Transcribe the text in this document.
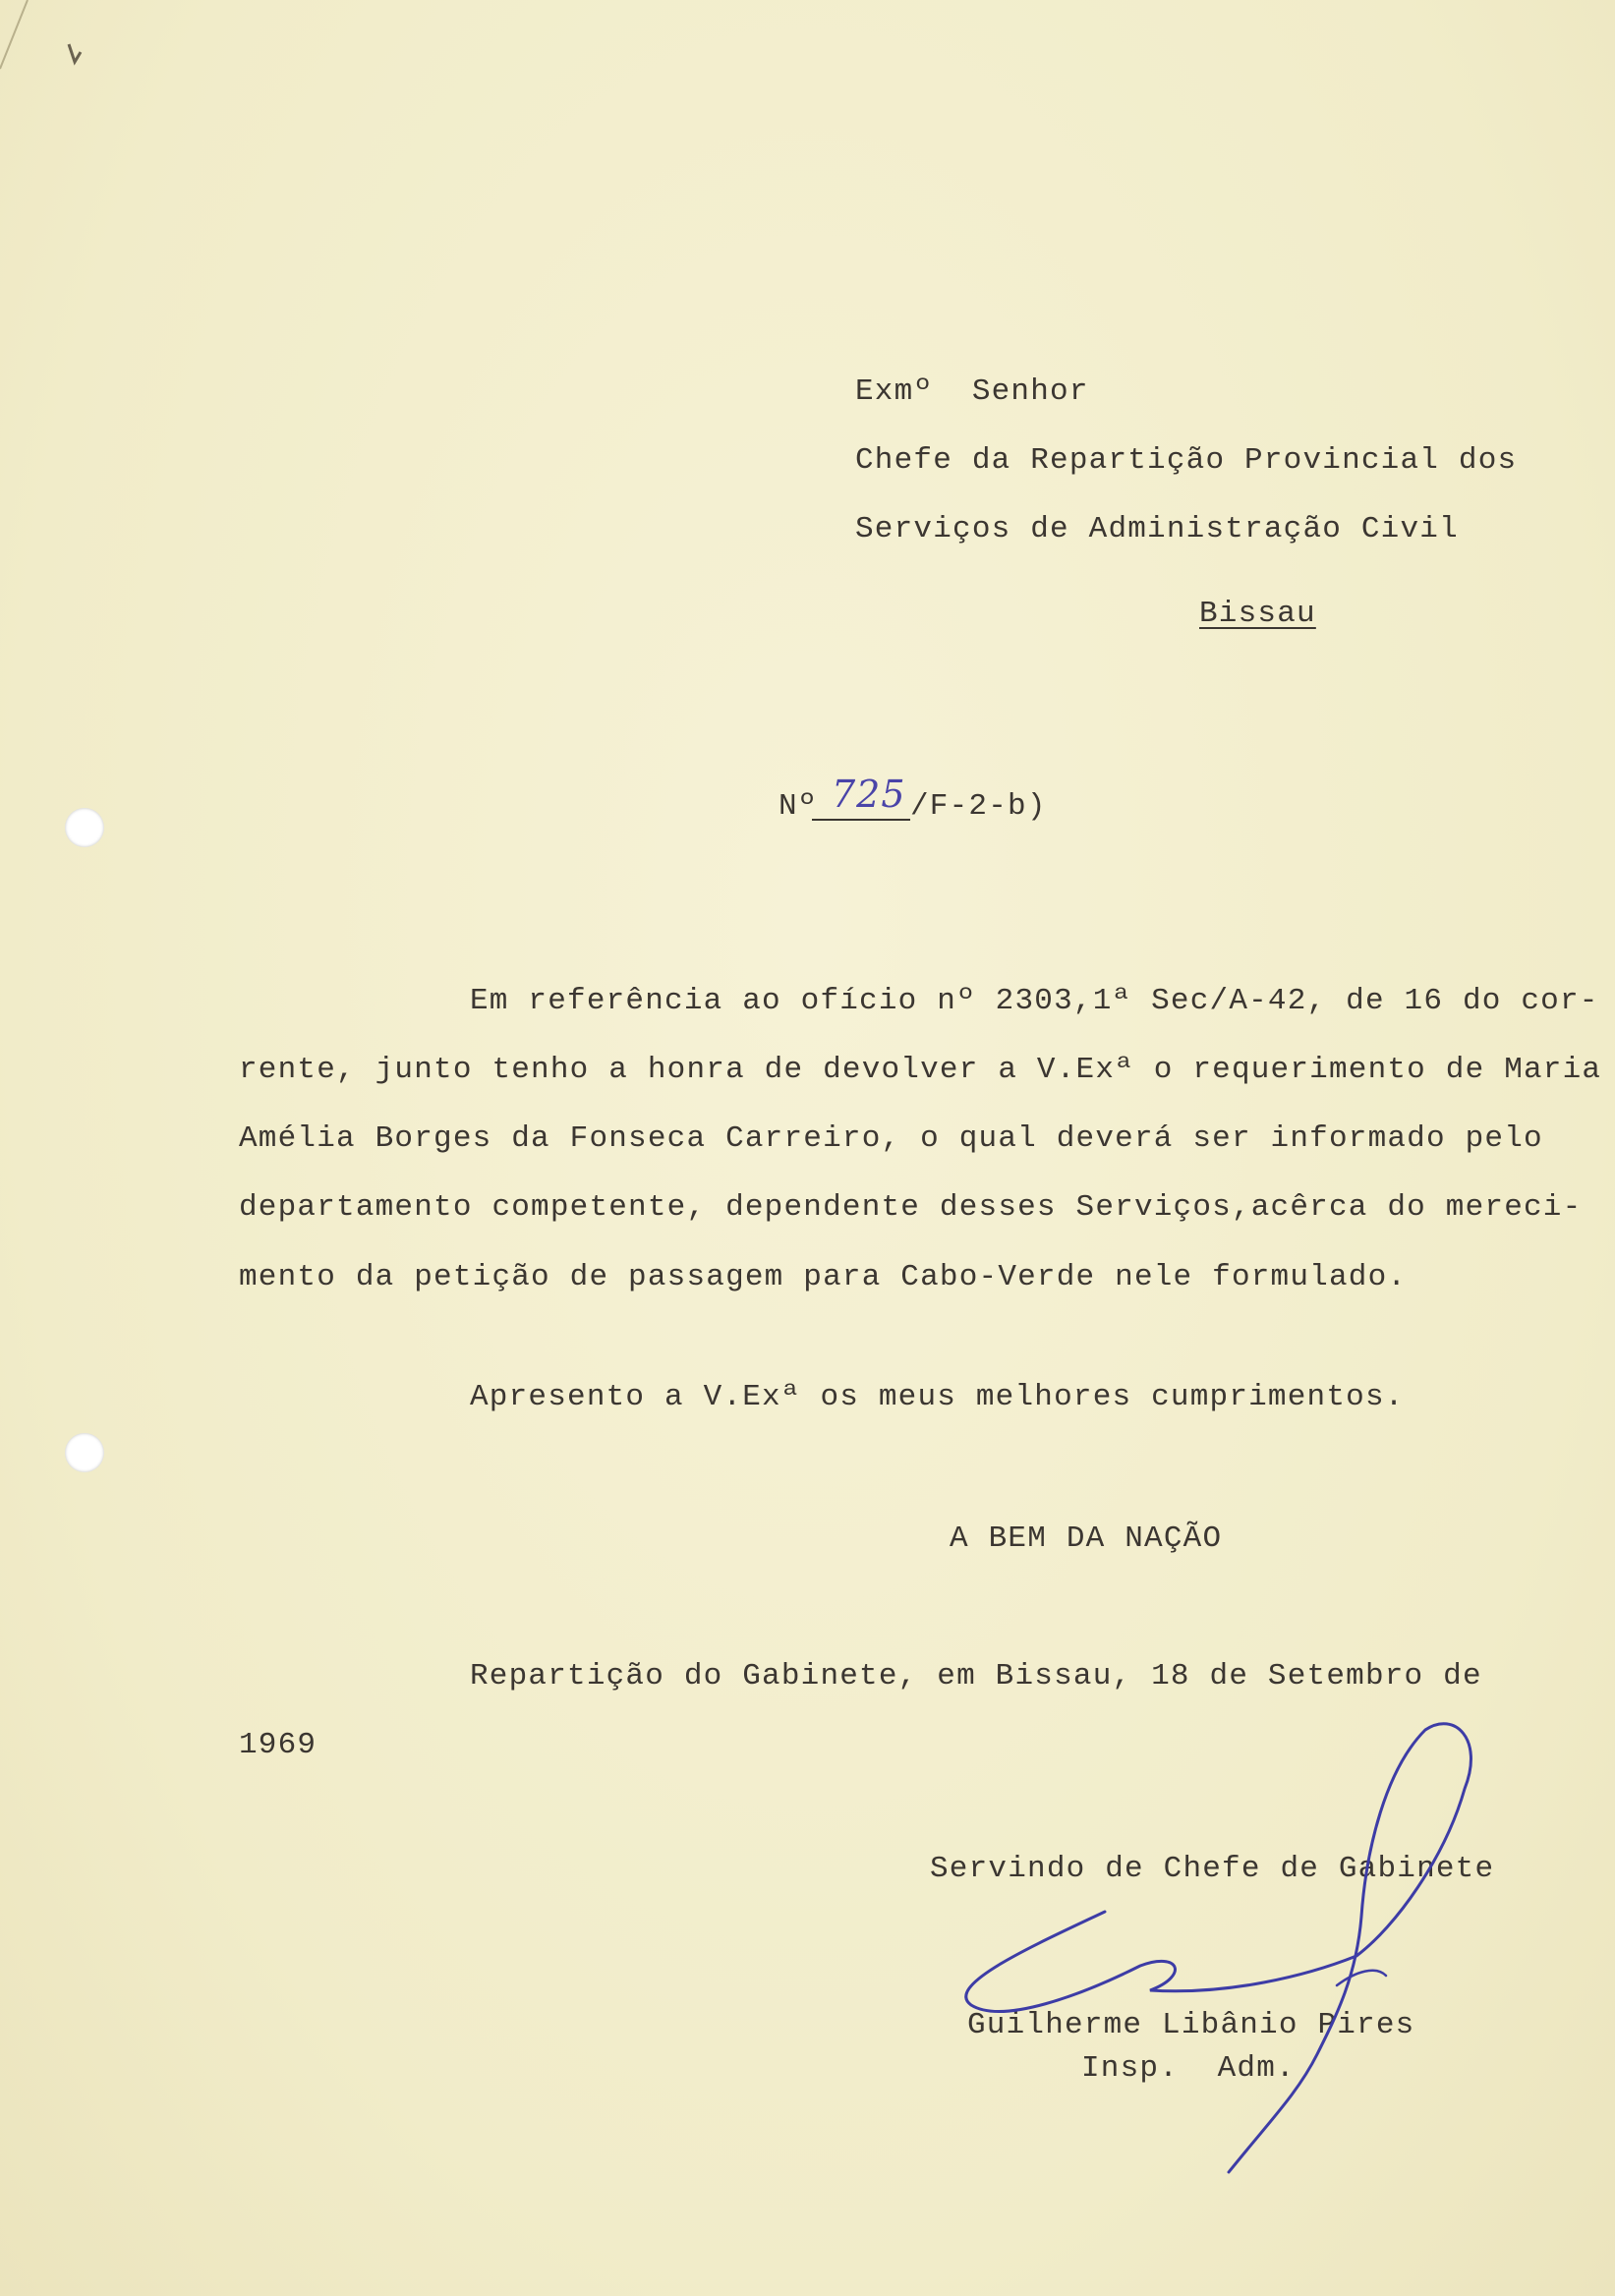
Exmº  Senhor
Chefe da Repartição Provincial dos
Serviços de Administração Civil
Bissau
Nº 725 /F-2-b)
Em referência ao ofício nº 2303,1ª Sec/A-42, de 16 do cor-
rente, junto tenho a honra de devolver a V.Exª o requerimento de Maria
Amélia Borges da Fonseca Carreiro, o qual deverá ser informado pelo
departamento competente, dependente desses Serviços,acêrca do mereci-
mento da petição de passagem para Cabo-Verde nele formulado.
Apresento a V.Exª os meus melhores cumprimentos.
A BEM DA NAÇÃO
Repartição do Gabinete, em Bissau, 18 de Setembro de
1969
Servindo de Chefe de Gabinete
Guilherme Libânio Pires
Insp.  Adm.
